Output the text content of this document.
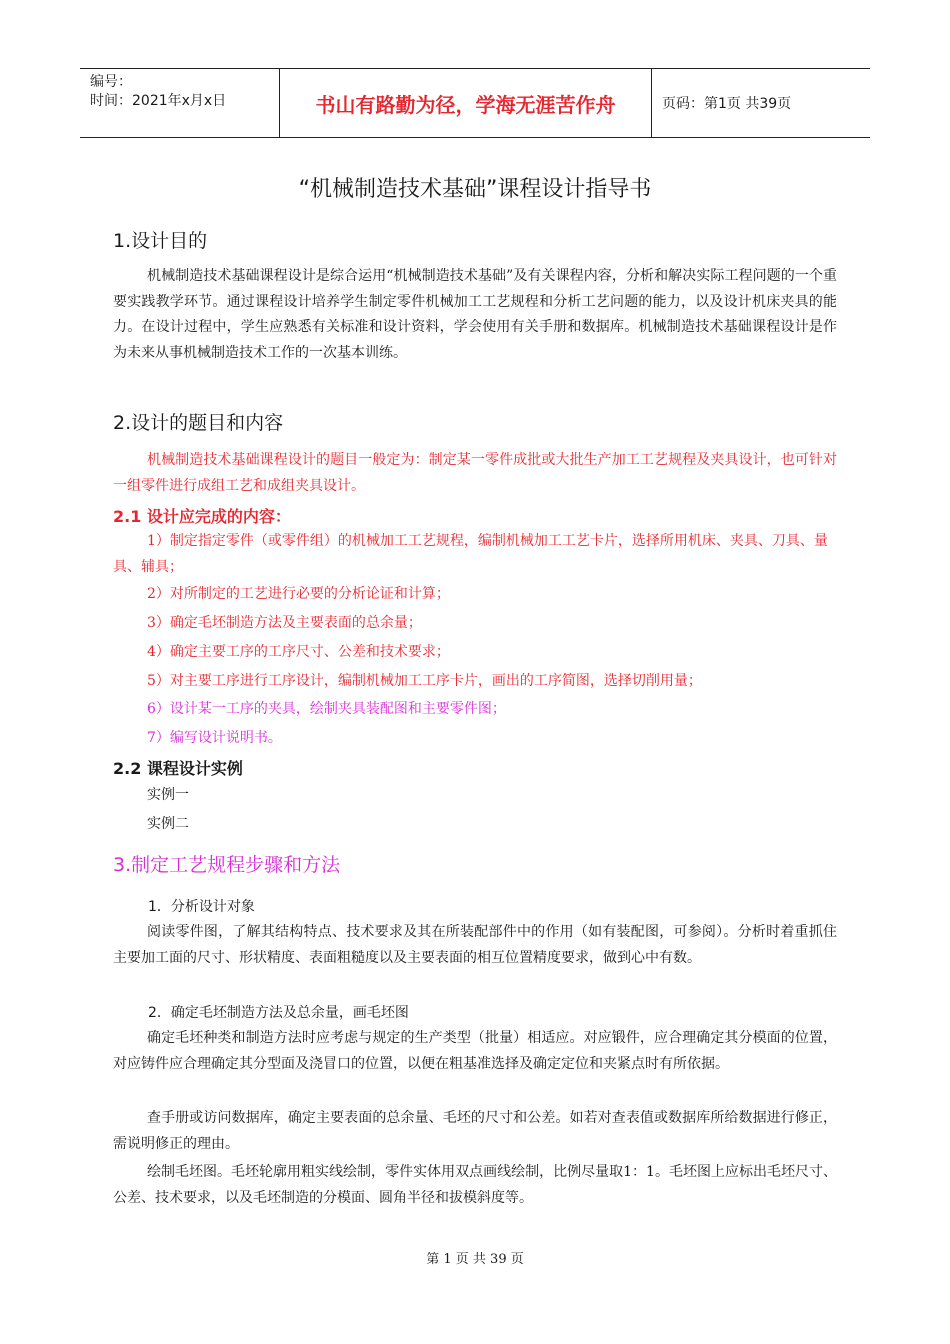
编号：
时间：2021年x月x日	书山有路勤为径，学海无涯苦作舟	页码：第1页 共39页
“机械制造技术基础”课程设计指导书
1.设计目的
机械制造技术基础课程设计是综合运用“机械制造技术基础”及有关课程内容，分析和解决实际工程问题的一个重要实践教学环节。通过课程设计培养学生制定零件机械加工工艺规程和分析工艺问题的能力，以及设计机床夹具的能力。在设计过程中，学生应熟悉有关标准和设计资料，学会使用有关手册和数据库。机械制造技术基础课程设计是作为未来从事机械制造技术工作的一次基本训练。
2.设计的题目和内容
机械制造技术基础课程设计的题目一般定为：制定某一零件成批或大批生产加工工艺规程及夹具设计，也可针对一组零件进行成组工艺和成组夹具设计。
2.1 设计应完成的内容：
1）制定指定零件（或零件组）的机械加工工艺规程，编制机械加工工艺卡片，选择所用机床、夹具、刀具、量具、辅具；
2）对所制定的工艺进行必要的分析论证和计算；
3）确定毛坯制造方法及主要表面的总余量；
4）确定主要工序的工序尺寸、公差和技术要求；
5）对主要工序进行工序设计，编制机械加工工序卡片，画出的工序简图，选择切削用量；
6）设计某一工序的夹具，绘制夹具装配图和主要零件图；
7）编写设计说明书。
2.2 课程设计实例
实例一
实例二
3.制定工艺规程步骤和方法
1．分析设计对象
阅读零件图，了解其结构特点、技术要求及其在所装配部件中的作用（如有装配图，可参阅）。分析时着重抓住主要加工面的尺寸、形状精度、表面粗糙度以及主要表面的相互位置精度要求，做到心中有数。
2．确定毛坯制造方法及总余量，画毛坯图
确定毛坯种类和制造方法时应考虑与规定的生产类型（批量）相适应。对应锻件，应合理确定其分模面的位置，对应铸件应合理确定其分型面及浇冒口的位置，以便在粗基准选择及确定定位和夹紧点时有所依据。
查手册或访问数据库，确定主要表面的总余量、毛坯的尺寸和公差。如若对查表值或数据库所给数据进行修正，需说明修正的理由。
绘制毛坯图。毛坯轮廓用粗实线绘制，零件实体用双点画线绘制，比例尽量取1：1。毛坯图上应标出毛坯尺寸、公差、技术要求，以及毛坯制造的分模面、圆角半径和拔模斜度等。
第 1 页 共 39 页
